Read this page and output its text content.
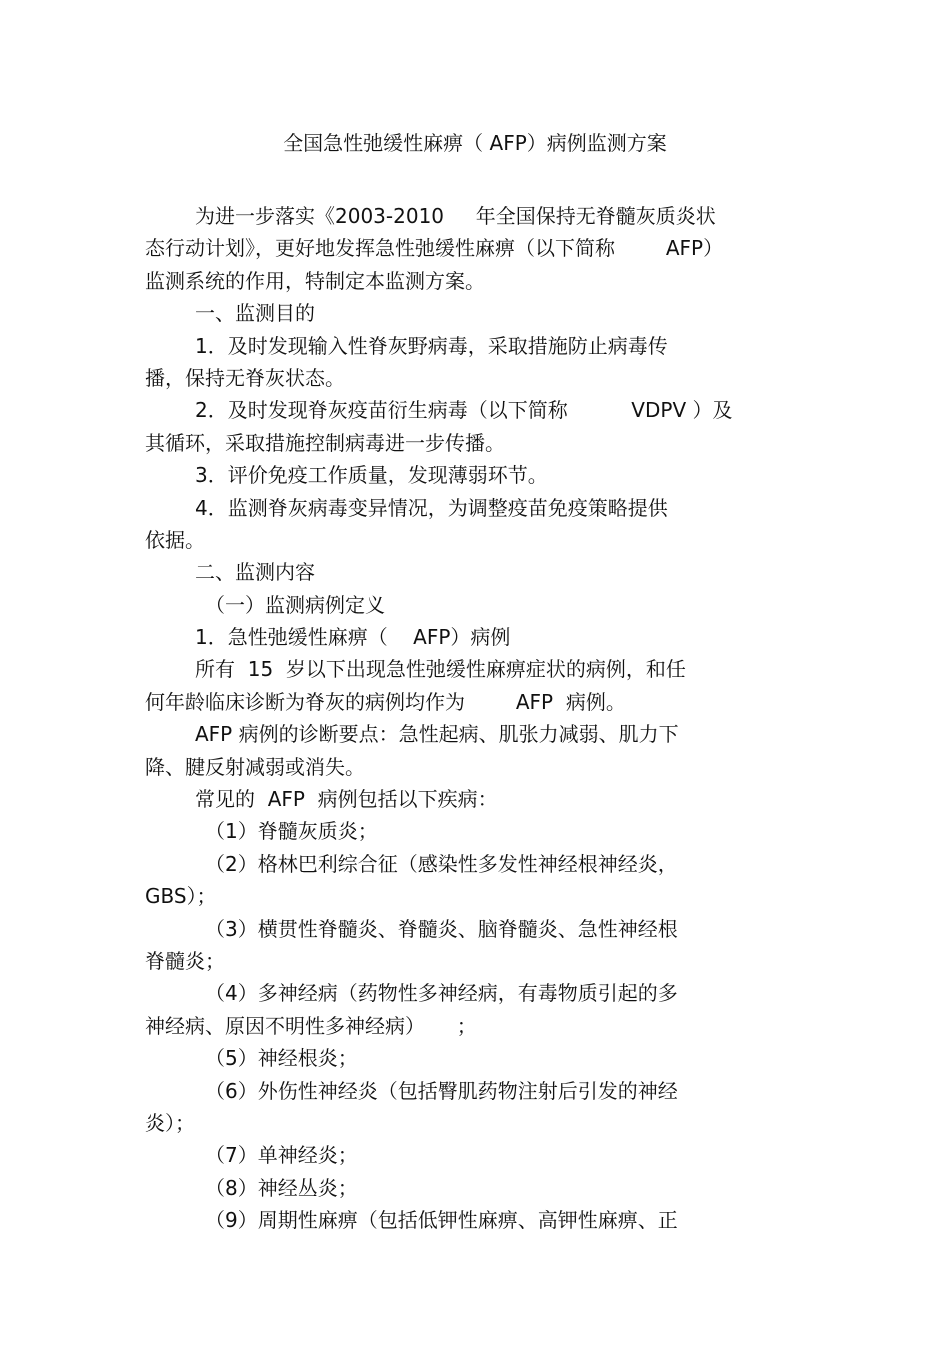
全国急性弛缓性麻痹（ AFP）病例监测方案
为进一步落实《2003-2010     年全国保持无脊髓灰质炎状
态行动计划》，更好地发挥急性弛缓性麻痹（以下简称        AFP）
监测系统的作用，特制定本监测方案。
一、监测目的
1．及时发现输入性脊灰野病毒，采取措施防止病毒传
播，保持无脊灰状态。
2．及时发现脊灰疫苗衍生病毒（以下简称          VDPV ）及
其循环，采取措施控制病毒进一步传播。
3．评价免疫工作质量，发现薄弱环节。
4．监测脊灰病毒变异情况，为调整疫苗免疫策略提供
依据。
二、监测内容
（一）监测病例定义
1．急性弛缓性麻痹（    AFP）病例
所有  15  岁以下出现急性弛缓性麻痹症状的病例，和任
何年龄临床诊断为脊灰的病例均作为        AFP  病例。
AFP 病例的诊断要点：急性起病、肌张力减弱、肌力下
降、腱反射减弱或消失。
常见的  AFP  病例包括以下疾病：
（1）脊髓灰质炎；
（2）格林巴利综合征（感染性多发性神经根神经炎，
GBS）；
（3）横贯性脊髓炎、脊髓炎、脑脊髓炎、急性神经根
脊髓炎；
（4）多神经病（药物性多神经病，有毒物质引起的多
神经病、原因不明性多神经病）     ；
（5）神经根炎；
（6）外伤性神经炎（包括臀肌药物注射后引发的神经
炎）；
（7）单神经炎；
（8）神经丛炎；
（9）周期性麻痹（包括低钾性麻痹、高钾性麻痹、正
